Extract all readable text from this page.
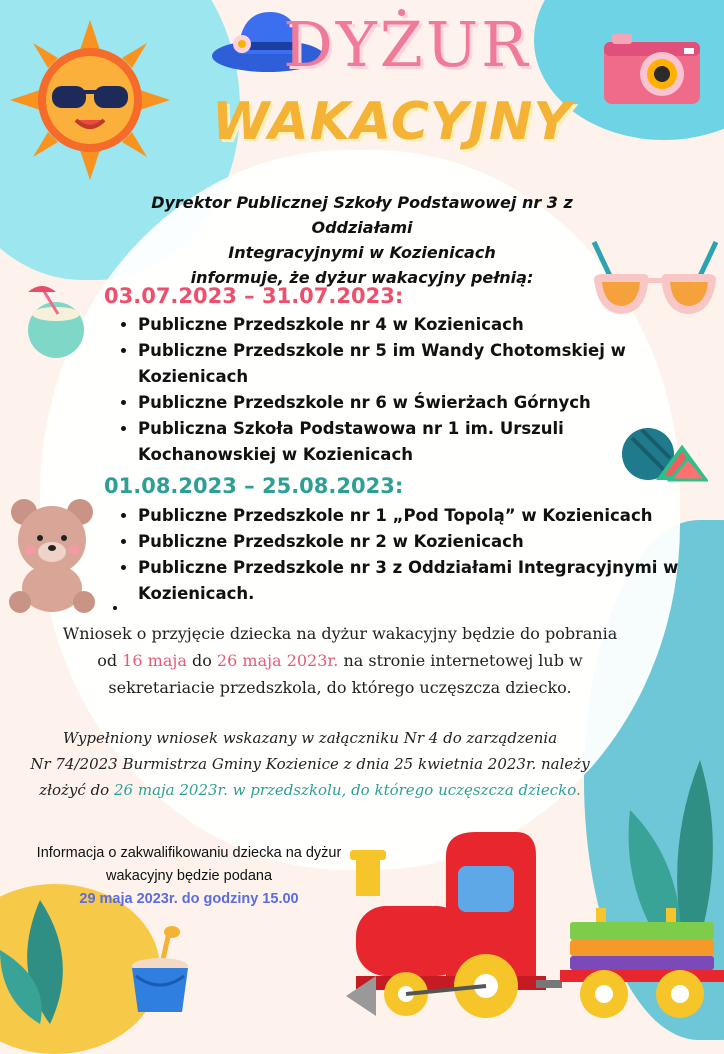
DYŻUR
WAKACYJNY
Dyrektor Publicznej Szkoły Podstawowej nr 3 z Oddziałami
Integracyjnymi w Kozienicach
informuje, że dyżur wakacyjny pełnią:
03.07.2023 – 31.07.2023:
• Publiczne Przedszkole nr 4 w Kozienicach
• Publiczne Przedszkole nr 5 im Wandy Chotomskiej w Kozienicach
• Publiczne Przedszkole nr 6 w Świerżach Górnych
• Publiczna Szkoła Podstawowa nr 1 im. Urszuli Kochanowskiej w Kozienicach
01.08.2023 – 25.08.2023:
• Publiczne Przedszkole nr 1 „Pod Topolą” w Kozienicach
• Publiczne Przedszkole nr 2 w Kozienicach
• Publiczne Przedszkole nr 3 z Oddziałami Integracyjnymi w Kozienicach.
Wniosek o przyjęcie dziecka na dyżur wakacyjny będzie do pobrania
od 16 maja do 26 maja 2023r. na stronie internetowej lub w
sekretariacie przedszkola, do którego uczęszcza dziecko.
Wypełniony wniosek wskazany w załączniku Nr 4 do zarządzenia
Nr 74/2023 Burmistrza Gminy Kozienice z dnia 25 kwietnia 2023r. należy
złożyć do 26 maja 2023r. w przedszkolu, do którego uczęszcza dziecko.
Informacja o zakwalifikowaniu dziecka na dyżur
wakacyjny będzie podana
29 maja 2023r. do godziny 15.00
